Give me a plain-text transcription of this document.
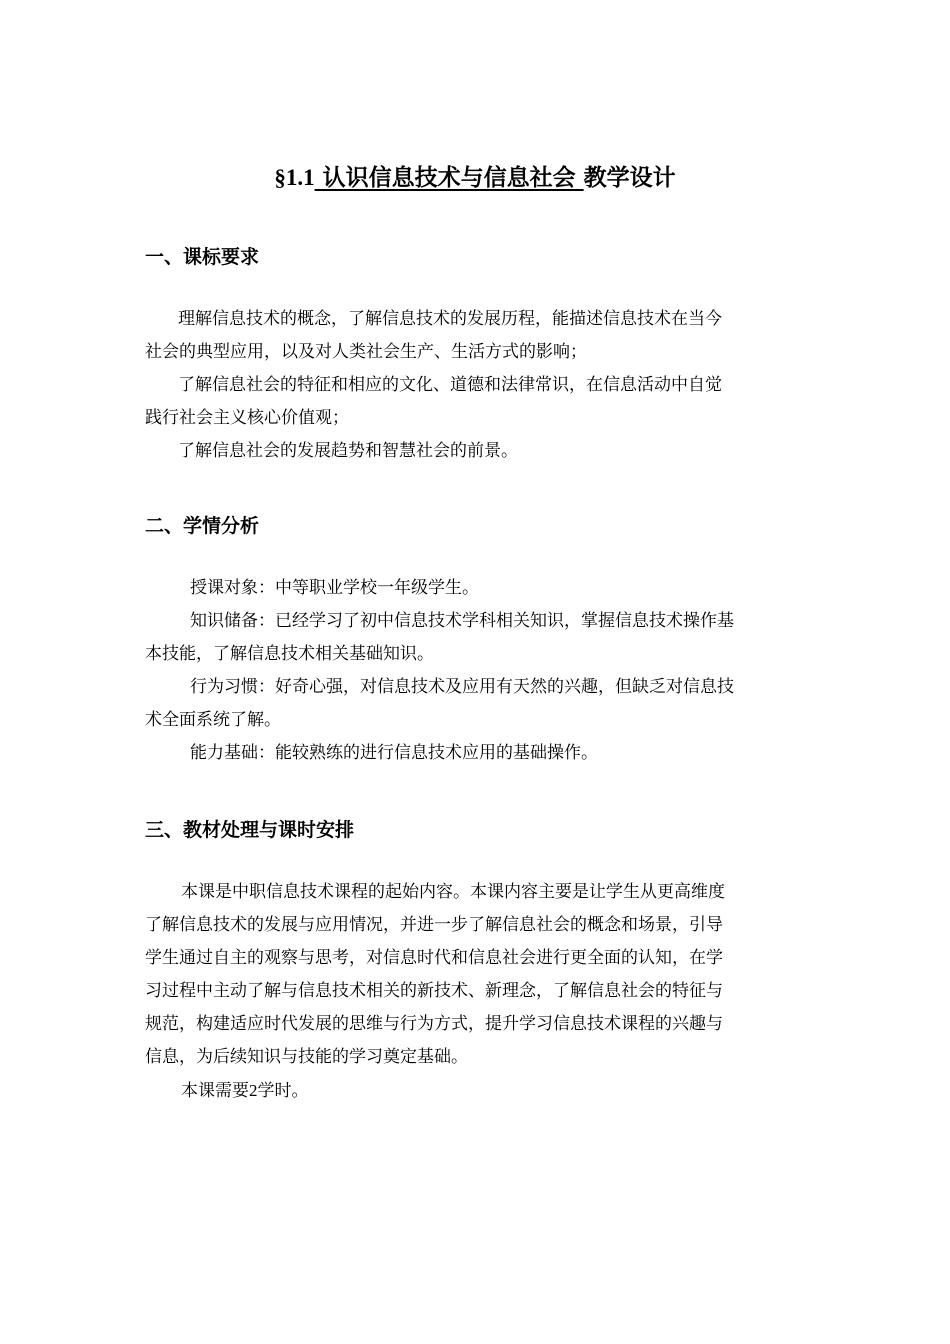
§1.1 认识信息技术与信息社会 教学设计
一、课标要求
理解信息技术的概念，了解信息技术的发展历程，能描述信息技术在当今
社会的典型应用，以及对人类社会生产、生活方式的影响；
了解信息社会的特征和相应的文化、道德和法律常识，在信息活动中自觉
践行社会主义核心价值观；
了解信息社会的发展趋势和智慧社会的前景。
二、学情分析
授课对象：中等职业学校一年级学生。
知识储备：已经学习了初中信息技术学科相关知识，掌握信息技术操作基
本技能，了解信息技术相关基础知识。
行为习惯：好奇心强，对信息技术及应用有天然的兴趣，但缺乏对信息技
术全面系统了解。
能力基础：能较熟练的进行信息技术应用的基础操作。
三、教材处理与课时安排
本课是中职信息技术课程的起始内容。本课内容主要是让学生从更高维度
了解信息技术的发展与应用情况，并进一步了解信息社会的概念和场景，引导
学生通过自主的观察与思考，对信息时代和信息社会进行更全面的认知，在学
习过程中主动了解与信息技术相关的新技术、新理念，了解信息社会的特征与
规范，构建适应时代发展的思维与行为方式，提升学习信息技术课程的兴趣与
信息，为后续知识与技能的学习奠定基础。
本课需要2学时。
